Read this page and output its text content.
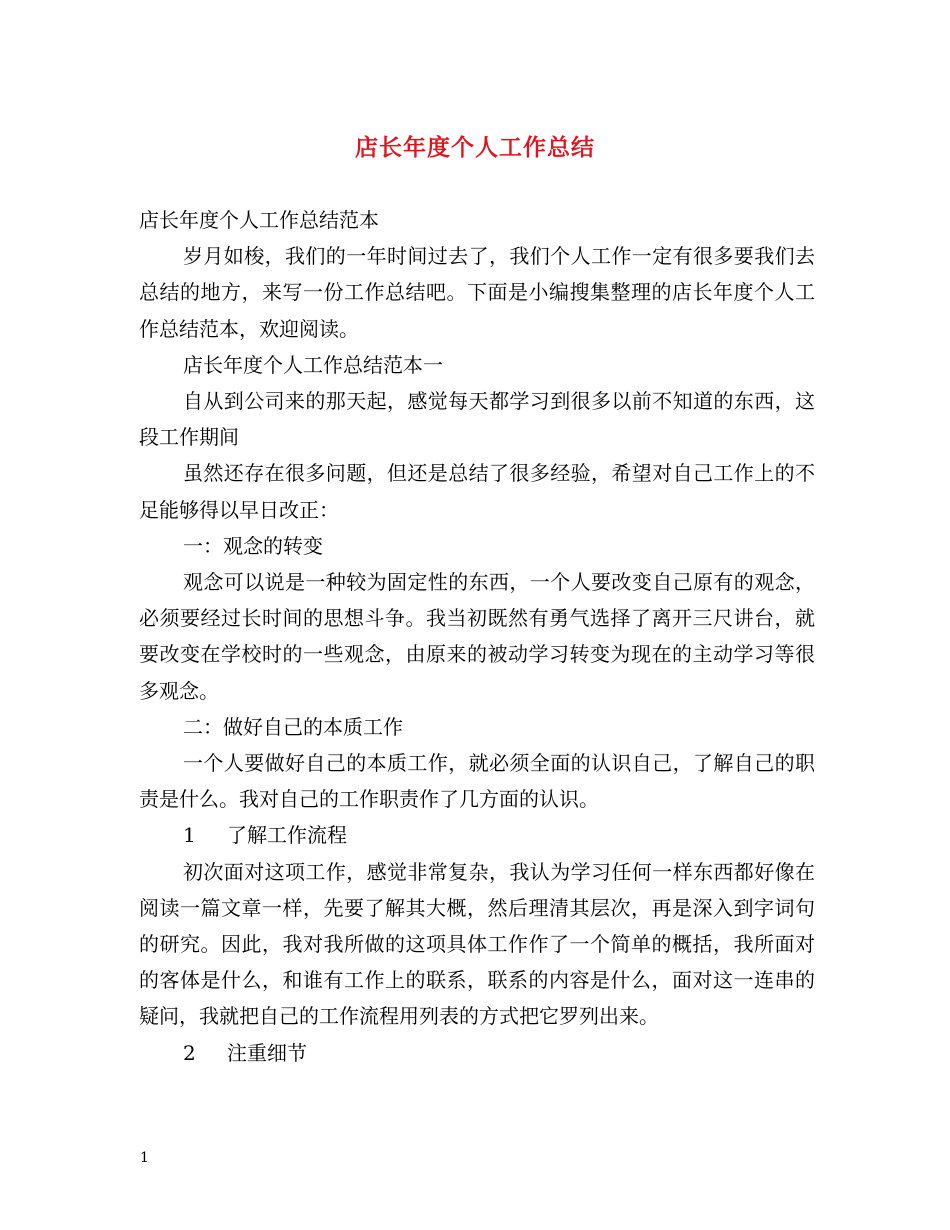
店长年度个人工作总结

店长年度个人工作总结范本

岁月如梭，我们的一年时间过去了，我们个人工作一定有很多要我们去总结的地方，来写一份工作总结吧。下面是小编搜集整理的店长年度个人工作总结范本，欢迎阅读。

店长年度个人工作总结范本一

自从到公司来的那天起，感觉每天都学习到很多以前不知道的东西，这段工作期间

虽然还存在很多问题，但还是总结了很多经验，希望对自己工作上的不足能够得以早日改正：

一：观念的转变

观念可以说是一种较为固定性的东西，一个人要改变自己原有的观念，必须要经过长时间的思想斗争。我当初既然有勇气选择了离开三尺讲台，就要改变在学校时的一些观念，由原来的被动学习转变为现在的主动学习等很多观念。

二：做好自己的本质工作

一个人要做好自己的本质工作，就必须全面的认识自己，了解自己的职责是什么。我对自己的工作职责作了几方面的认识。

1 了解工作流程

初次面对这项工作，感觉非常复杂，我认为学习任何一样东西都好像在阅读一篇文章一样，先要了解其大概，然后理清其层次，再是深入到字词句的研究。因此，我对我所做的这项具体工作作了一个简单的概括，我所面对的客体是什么，和谁有工作上的联系，联系的内容是什么，面对这一连串的疑问，我就把自己的工作流程用列表的方式把它罗列出来。

2 注重细节

1
